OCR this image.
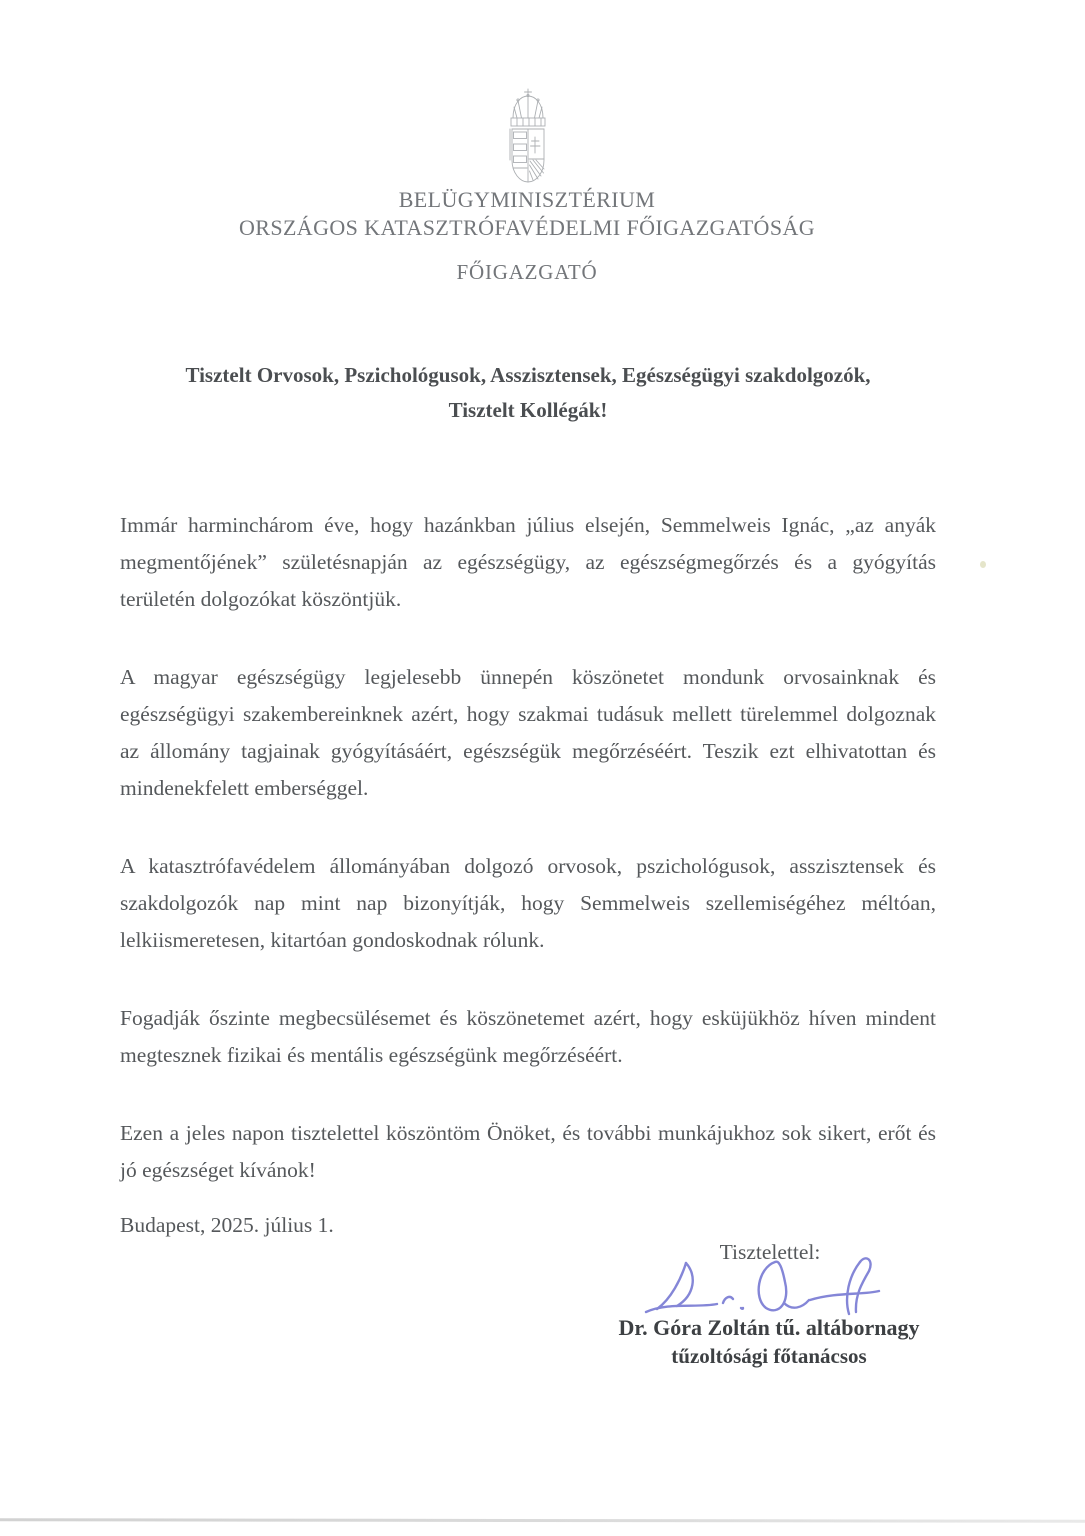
BELÜGYMINISZTÉRIUM
ORSZÁGOS KATASZTRÓFAVÉDELMI FŐIGAZGATÓSÁG
FŐIGAZGATÓ
Tisztelt Orvosok, Pszichológusok, Asszisztensek, Egészségügyi szakdolgozók,
Tisztelt Kollégák!

Immár harminchárom éve, hogy hazánkban július elsején, Semmelweis Ignác, „az anyák megmentőjének” születésnapján az egészségügy, az egészségmegőrzés és a gyógyítás területén dolgozókat köszöntjük.

A magyar egészségügy legjelesebb ünnepén köszönetet mondunk orvosainknak és egészségügyi szakembereinknek azért, hogy szakmai tudásuk mellett türelemmel dolgoznak az állomány tagjainak gyógyításáért, egészségük megőrzéséért. Teszik ezt elhivatottan és mindenekfelett emberséggel.

A katasztrófavédelem állományában dolgozó orvosok, pszichológusok, asszisztensek és szakdolgozók nap mint nap bizonyítják, hogy Semmelweis szellemiségéhez méltóan, lelkiismeretesen, kitartóan gondoskodnak rólunk.

Fogadják őszinte megbecsülésemet és köszönetemet azért, hogy esküjükhöz híven mindent megtesznek fizikai és mentális egészségünk megőrzéséért.

Ezen a jeles napon tisztelettel köszöntöm Önöket, és további munkájukhoz sok sikert, erőt és jó egészséget kívánok!

Budapest, 2025. július 1.
Tisztelettel:
Dr. Góra Zoltán tű. altábornagy
tűzoltósági főtanácsos
